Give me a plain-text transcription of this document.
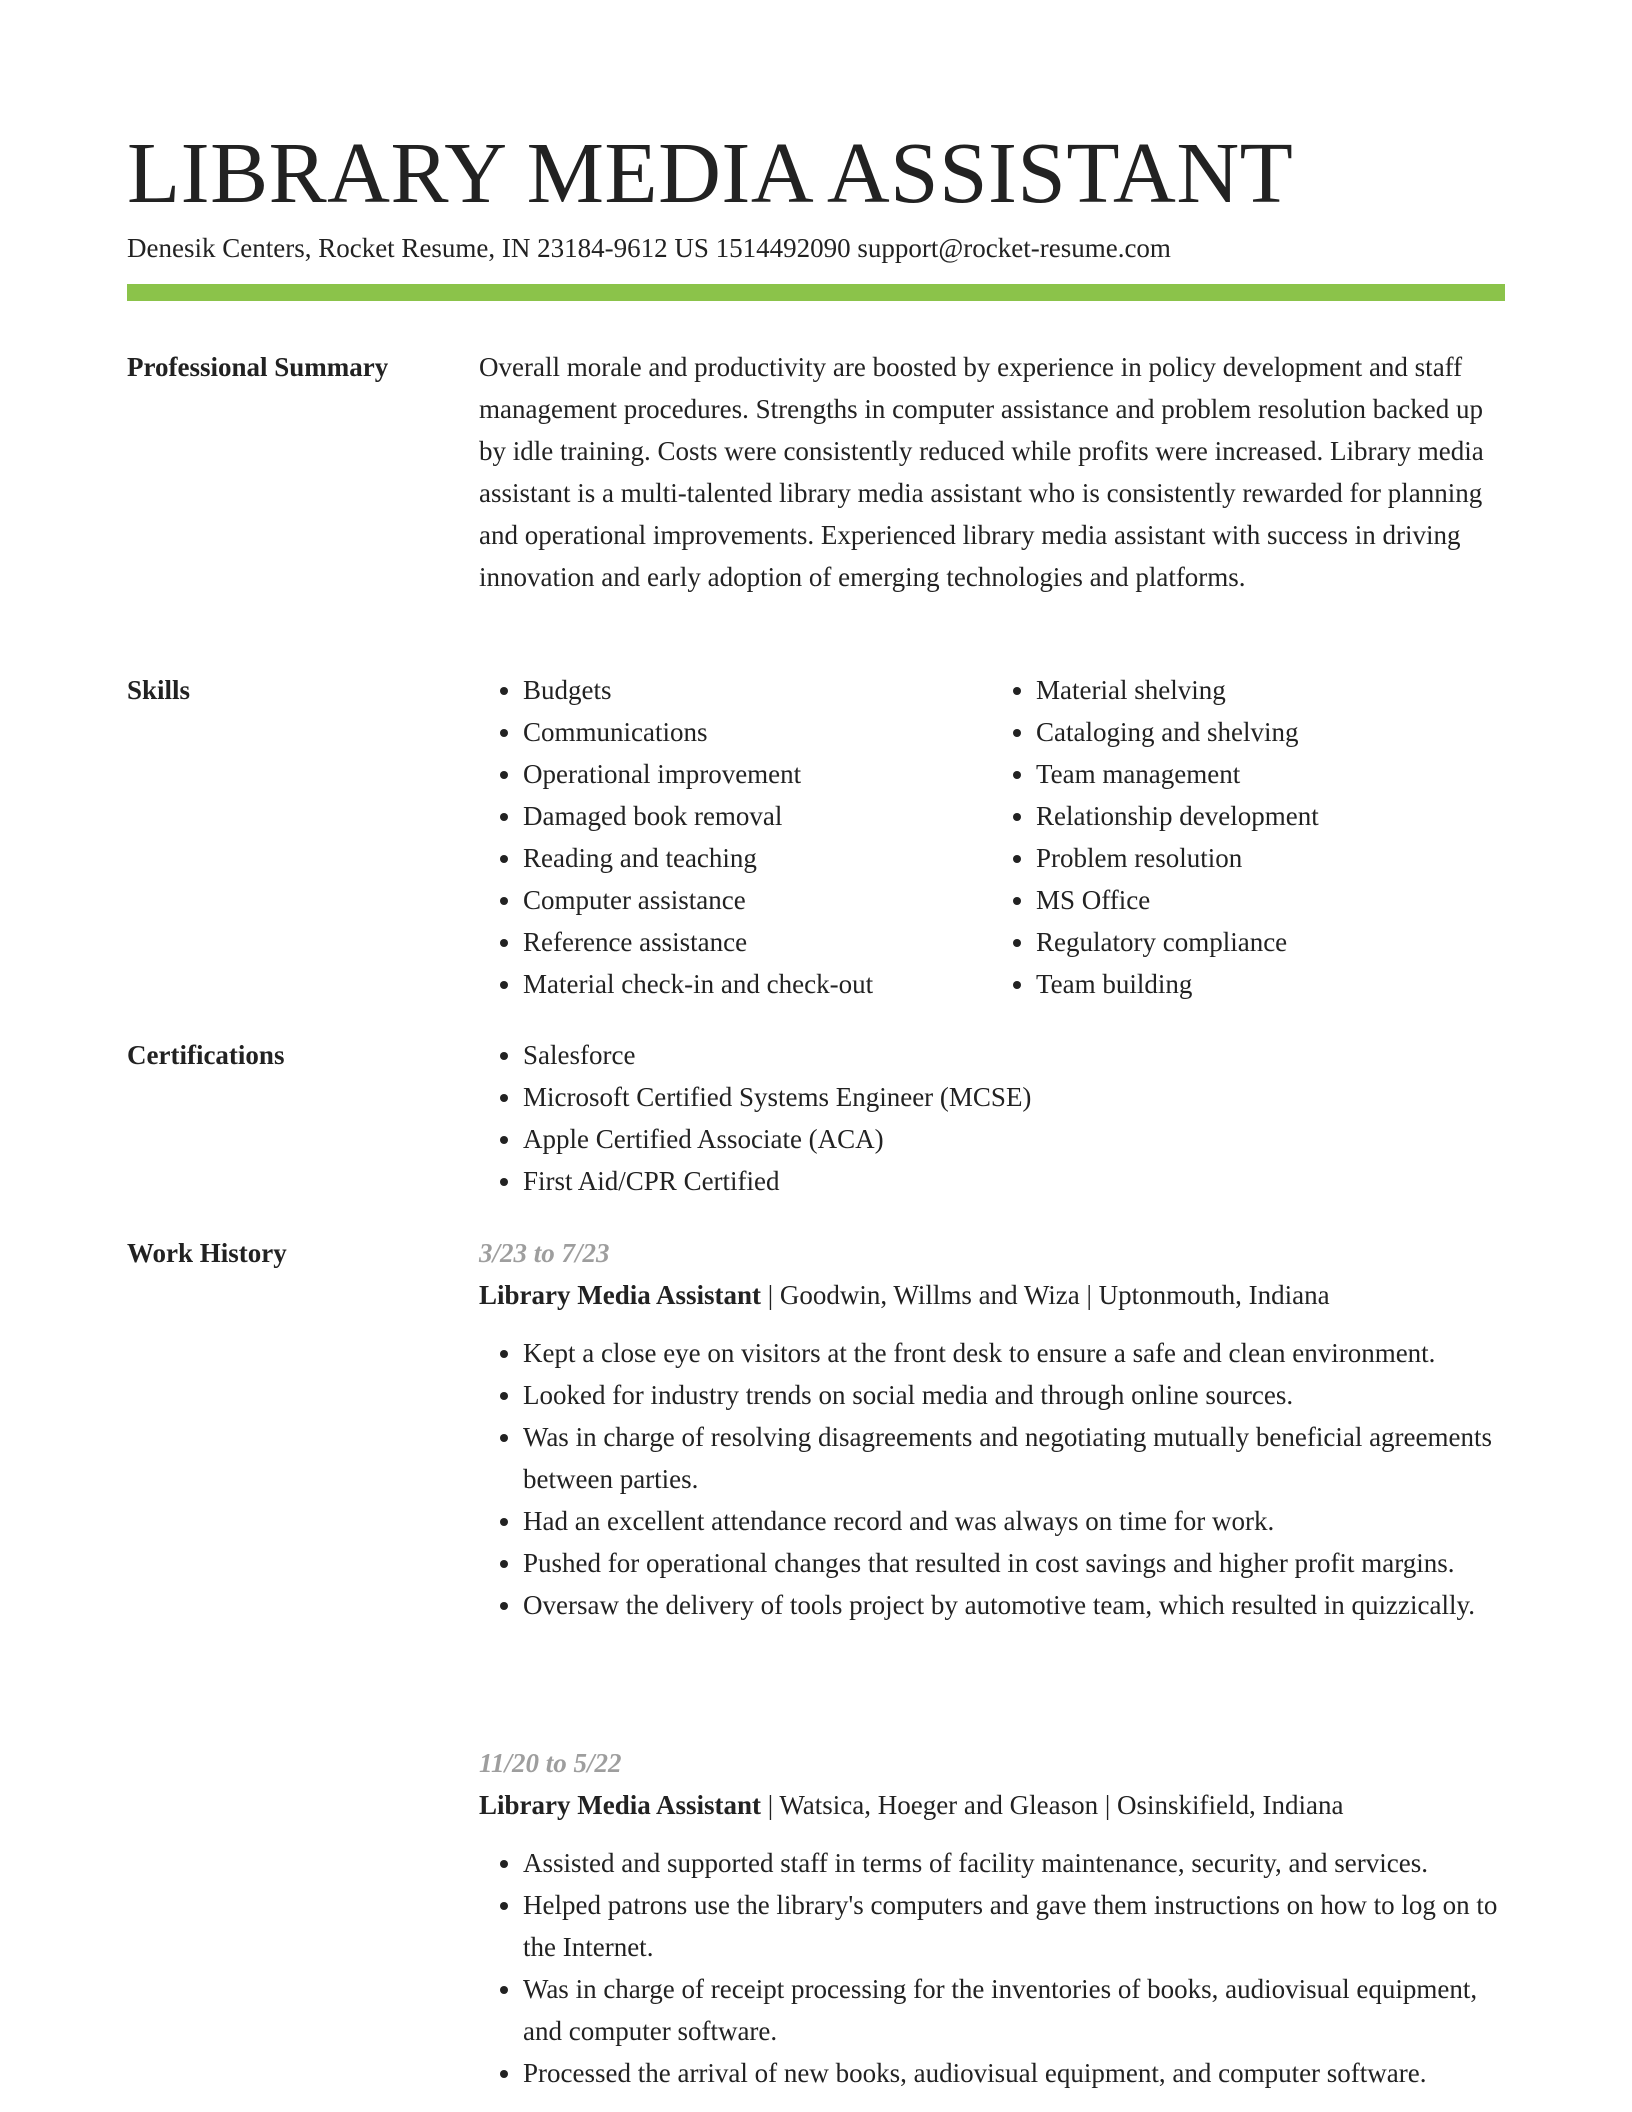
LIBRARY MEDIA ASSISTANT
Denesik Centers, Rocket Resume, IN 23184-9612 US 1514492090 support@rocket-resume.com
Professional Summary	Overall morale and productivity are boosted by experience in policy development and staff management procedures. Strengths in computer assistance and problem resolution backed up by idle training. Costs were consistently reduced while profits were increased. Library media assistant is a multi-talented library media assistant who is consistently rewarded for planning and operational improvements. Experienced library media assistant with success in driving innovation and early adoption of emerging technologies and platforms.

Skills	• Budgets
• Communications
• Operational improvement
• Damaged book removal
• Reading and teaching
• Computer assistance
• Reference assistance
• Material check-in and check-out
• Material shelving
• Cataloging and shelving
• Team management
• Relationship development
• Problem resolution
• MS Office
• Regulatory compliance
• Team building
Certifications	• Salesforce
• Microsoft Certified Systems Engineer (MCSE)
• Apple Certified Associate (ACA)
• First Aid/CPR Certified
Work History	3/23 to 7/23
Library Media Assistant | Goodwin, Willms and Wiza | Uptonmouth, Indiana
• Kept a close eye on visitors at the front desk to ensure a safe and clean environment.
• Looked for industry trends on social media and through online sources.
• Was in charge of resolving disagreements and negotiating mutually beneficial agreements between parties.
• Had an excellent attendance record and was always on time for work.
• Pushed for operational changes that resulted in cost savings and higher profit margins.
• Oversaw the delivery of tools project by automotive team, which resulted in quizzically.
11/20 to 5/22
Library Media Assistant | Watsica, Hoeger and Gleason | Osinskifield, Indiana
• Assisted and supported staff in terms of facility maintenance, security, and services.
• Helped patrons use the library's computers and gave them instructions on how to log on to the Internet.
• Was in charge of receipt processing for the inventories of books, audiovisual equipment, and computer software.
• Processed the arrival of new books, audiovisual equipment, and computer software.
